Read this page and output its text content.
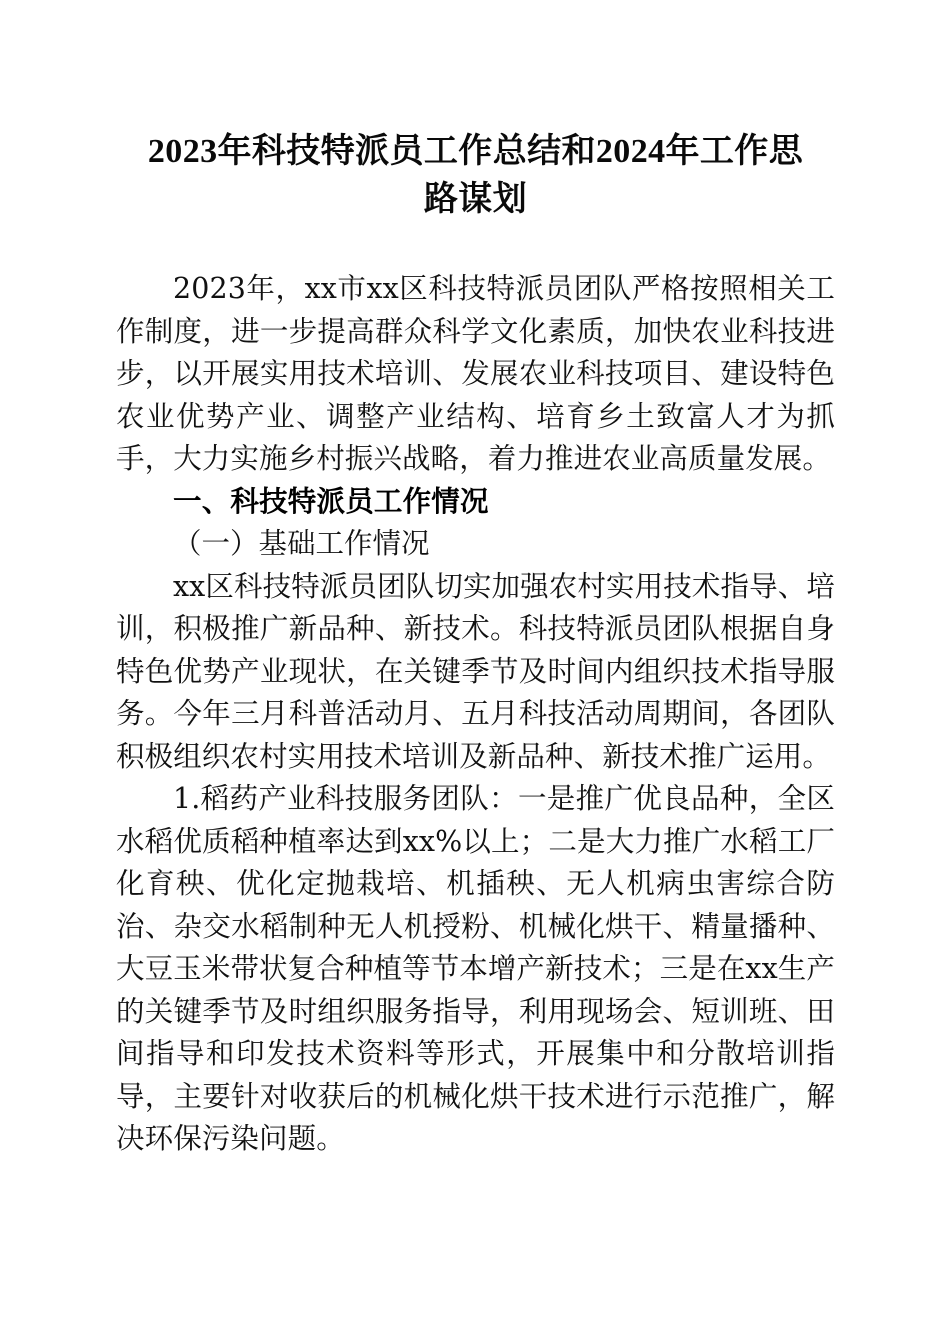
2023年科技特派员工作总结和2024年工作思
路谋划

2023年，xx市xx区科技特派员团队严格按照相关工作制度，进一步提高群众科学文化素质，加快农业科技进步，以开展实用技术培训、发展农业科技项目、建设特色农业优势产业、调整产业结构、培育乡土致富人才为抓手，大力实施乡村振兴战略，着力推进农业高质量发展。

一、科技特派员工作情况

（一）基础工作情况

xx区科技特派员团队切实加强农村实用技术指导、培训，积极推广新品种、新技术。科技特派员团队根据自身特色优势产业现状，在关键季节及时间内组织技术指导服务。今年三月科普活动月、五月科技活动周期间，各团队积极组织农村实用技术培训及新品种、新技术推广运用。

1.稻药产业科技服务团队：一是推广优良品种，全区水稻优质稻种植率达到xx%以上；二是大力推广水稻工厂化育秧、优化定抛栽培、机插秧、无人机病虫害综合防治、杂交水稻制种无人机授粉、机械化烘干、精量播种、大豆玉米带状复合种植等节本增产新技术；三是在xx生产的关键季节及时组织服务指导，利用现场会、短训班、田间指导和印发技术资料等形式，开展集中和分散培训指导，主要针对收获后的机械化烘干技术进行示范推广，解决环保污染问题。
